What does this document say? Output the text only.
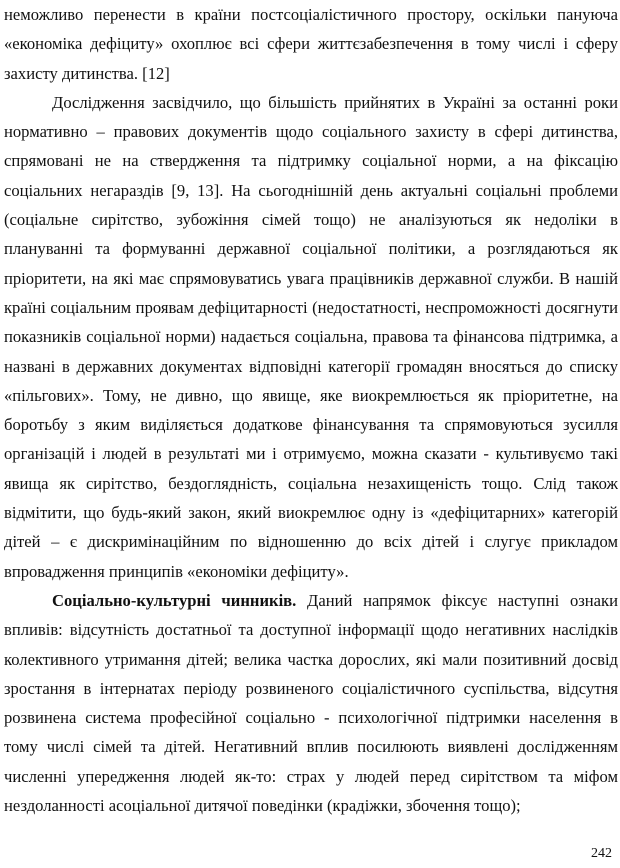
неможливо перенести в країни постсоціалістичного простору, оскільки пануюча «економіка дефіциту» охоплює всі сфери життєзабезпечення в тому числі і сферу захисту дитинства. [12]

Дослідження засвідчило, що більшість прийнятих в Україні за останні роки нормативно – правових документів щодо соціального захисту в сфері дитинства, спрямовані не на ствердження та підтримку соціальної норми, а на фіксацію соціальних негараздів [9, 13]. На сьогоднішній день актуальні соціальні проблеми (соціальне сирітство, зубожіння сімей тощо) не аналізуються як недоліки в плануванні та формуванні державної соціальної політики, а розглядаються як пріоритети, на які має спрямовуватись увага працівників державної служби. В нашій країні соціальним проявам дефіцитарності (недостатності, неспроможності досягнути показників соціальної норми) надається соціальна, правова та фінансова підтримка, а названі в державних документах відповідні категорії громадян вносяться до списку «пільгових». Тому, не дивно, що явище, яке виокремлюється як пріоритетне, на боротьбу з яким виділяється додаткове фінансування та спрямовуються зусилля організацій і людей в результаті ми і отримуємо, можна сказати - культивуємо такі явища як сирітство, бездоглядність, соціальна незахищеність тощо. Слід також відмітити, що будь-який закон, який виокремлює одну із «дефіцитарних» категорій дітей – є дискримінаційним по відношенню до всіх дітей і слугує прикладом впровадження принципів «економіки дефіциту».

Соціально-культурні чинників. Даний напрямок фіксує наступні ознаки впливів: відсутність достатньої та доступної інформації щодо негативних наслідків колективного утримання дітей; велика частка дорослих, які мали позитивний досвід зростання в інтернатах періоду розвиненого соціалістичного суспільства, відсутня розвинена система професійної соціально - психологічної підтримки населення в тому числі сімей та дітей. Негативний вплив посилюють виявлені дослідженням численні упередження людей як-то: страх у людей перед сирітством та міфом нездоланності асоціальної дитячої поведінки (крадіжки, збочення тощо);

242
